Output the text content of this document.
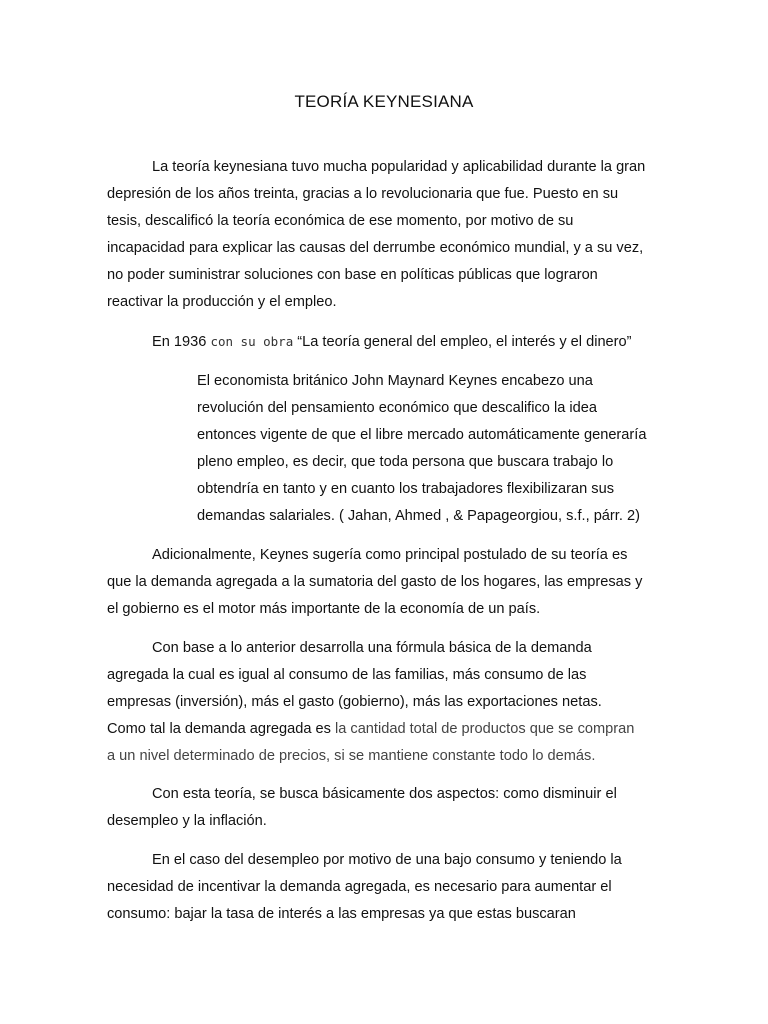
TEORÍA KEYNESIANA
La teoría keynesiana tuvo mucha popularidad y aplicabilidad durante la gran
depresión de los años treinta, gracias a lo revolucionaria que fue. Puesto en su
tesis, descalificó la teoría económica de ese momento, por motivo de su
incapacidad para explicar las causas del derrumbe económico mundial, y a su vez,
no poder suministrar soluciones con base en políticas públicas que lograron
reactivar la producción y el empleo.
En 1936 con su obra “La teoría general del empleo, el interés y el dinero”
El economista británico John Maynard Keynes encabezo una
revolución del pensamiento económico que descalifico la idea
entonces vigente de que el libre mercado automáticamente generaría
pleno empleo, es decir, que toda persona que buscara trabajo lo
obtendría en tanto y en cuanto los trabajadores flexibilizaran sus
demandas salariales. ( Jahan, Ahmed , & Papageorgiou, s.f., párr. 2)
Adicionalmente, Keynes sugería como principal postulado de su teoría es
que la demanda agregada a la sumatoria del gasto de los hogares, las empresas y
el gobierno es el motor más importante de la economía de un país.
Con base a lo anterior desarrolla una fórmula básica de la demanda
agregada la cual es igual al consumo de las familias, más consumo de las
empresas (inversión), más el gasto (gobierno), más las exportaciones netas.
Como tal la demanda agregada es la cantidad total de productos que se compran
a un nivel determinado de precios, si se mantiene constante todo lo demás.
Con esta teoría, se busca básicamente dos aspectos: como disminuir el
desempleo y la inflación.
En el caso del desempleo por motivo de una bajo consumo y teniendo la
necesidad de incentivar la demanda agregada, es necesario para aumentar el
consumo: bajar la tasa de interés a las empresas ya que estas buscaran
